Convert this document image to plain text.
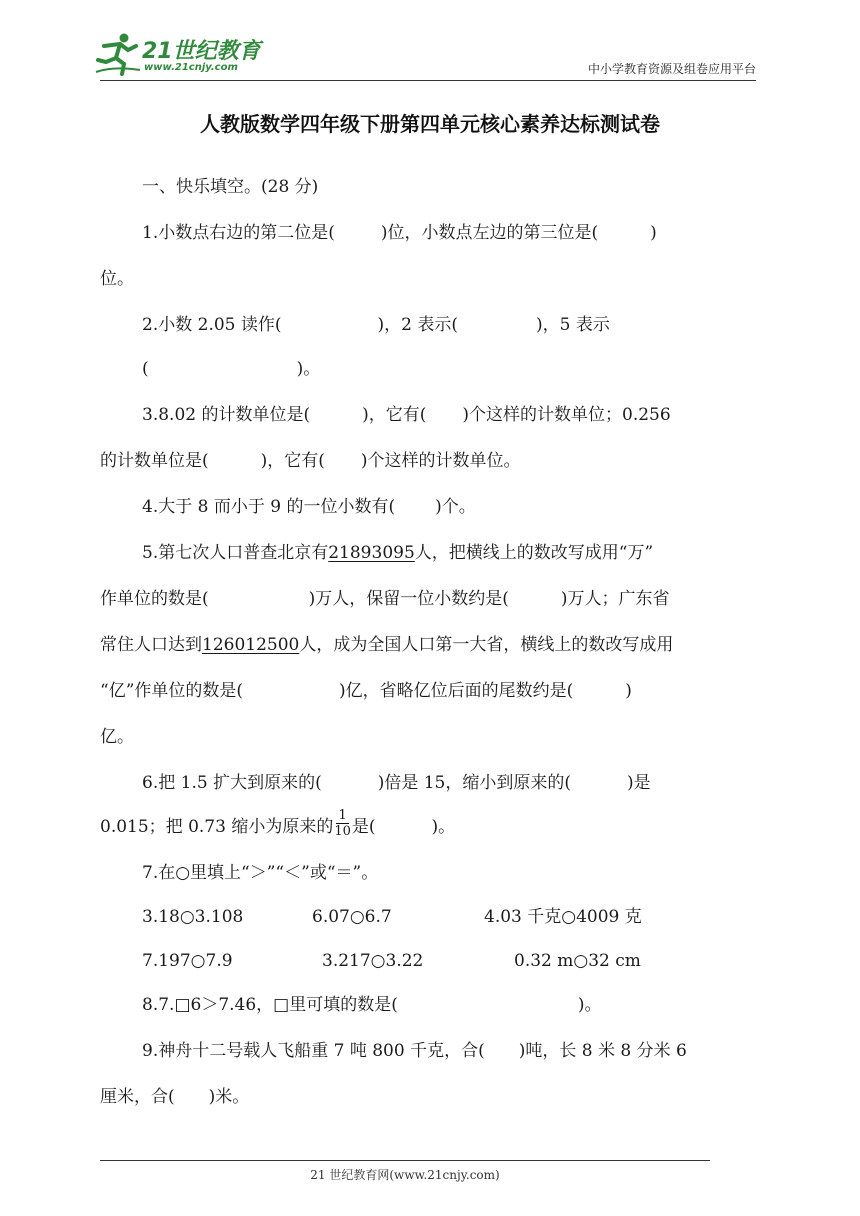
21世纪教育
www.21cnjy.com	中小学教育资源及组卷应用平台
人教版数学四年级下册第四单元核心素养达标测试卷
一、快乐填空。(28 分)
1.小数点右边的第二位是(	)位，小数点左边的第三位是(	)
位。
2.小数 2.05 读作(	)，2 表示(	)，5 表示
(	)。
3.8.02 的计数单位是(	)，它有( )个这样的计数单位；0.256
的计数单位是(	)，它有( )个这样的计数单位。
4.大于 8 而小于 9 的一位小数有( )个。
5.第七次人口普查北京有21893095人，把横线上的数改写成用“万”
作单位的数是(	)万人，保留一位小数约是(	)万人；广东省
常住人口达到126012500人，成为全国人口第一大省，横线上的数改写成用
“亿”作单位的数是(	)亿，省略亿位后面的尾数约是(	)
亿。
6.把 1.5 扩大到原来的(	)倍是 15，缩小到原来的(	)是
0.015；把 0.73 缩小为原来的 $\frac{1}{10}$ 是(	)。
7.在○里填上“＞”“＜”或“＝”。
3.18○3.108	6.07○6.7	4.03 千克○4009 克
7.197○7.9	3.217○3.22	0.32 m○32 cm
8.7.□6＞7.46，□里可填的数是(	)。
9.神舟十二号载人飞船重 7 吨 800 千克，合( )吨，长 8 米 8 分米 6
厘米，合( )米。
21 世纪教育网(www.21cnjy.com)
